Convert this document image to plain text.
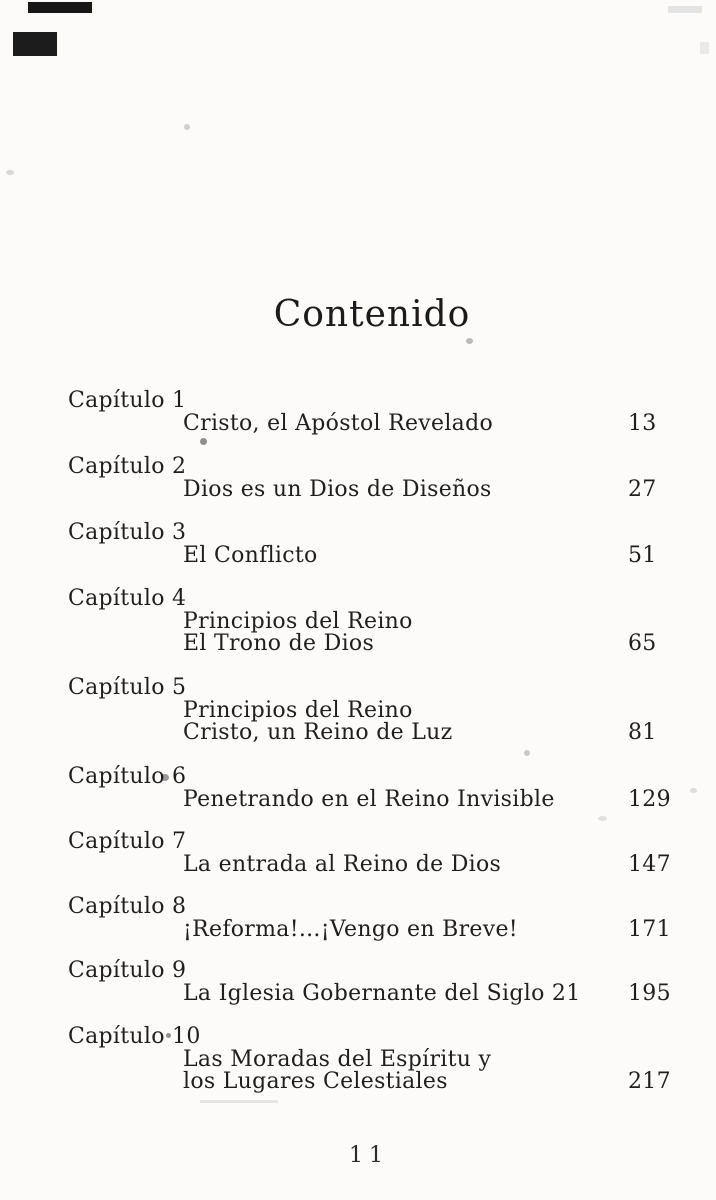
Contenido
Capítulo 1
Cristo, el Apóstol Revelado	13
Capítulo 2
Dios es un Dios de Diseños	27
Capítulo 3
El Conflicto	51
Capítulo 4
Principios del Reino
El Trono de Dios	65
Capítulo 5
Principios del Reino
Cristo, un Reino de Luz	81
Capítulo 6
Penetrando en el Reino Invisible	129
Capítulo 7
La entrada al Reino de Dios	147
Capítulo 8
¡Reforma!...¡Vengo en Breve!	171
Capítulo 9
La Iglesia Gobernante del Siglo 21 195
Capítulo 10
Las Moradas del Espíritu y
los Lugares Celestiales	217
11
